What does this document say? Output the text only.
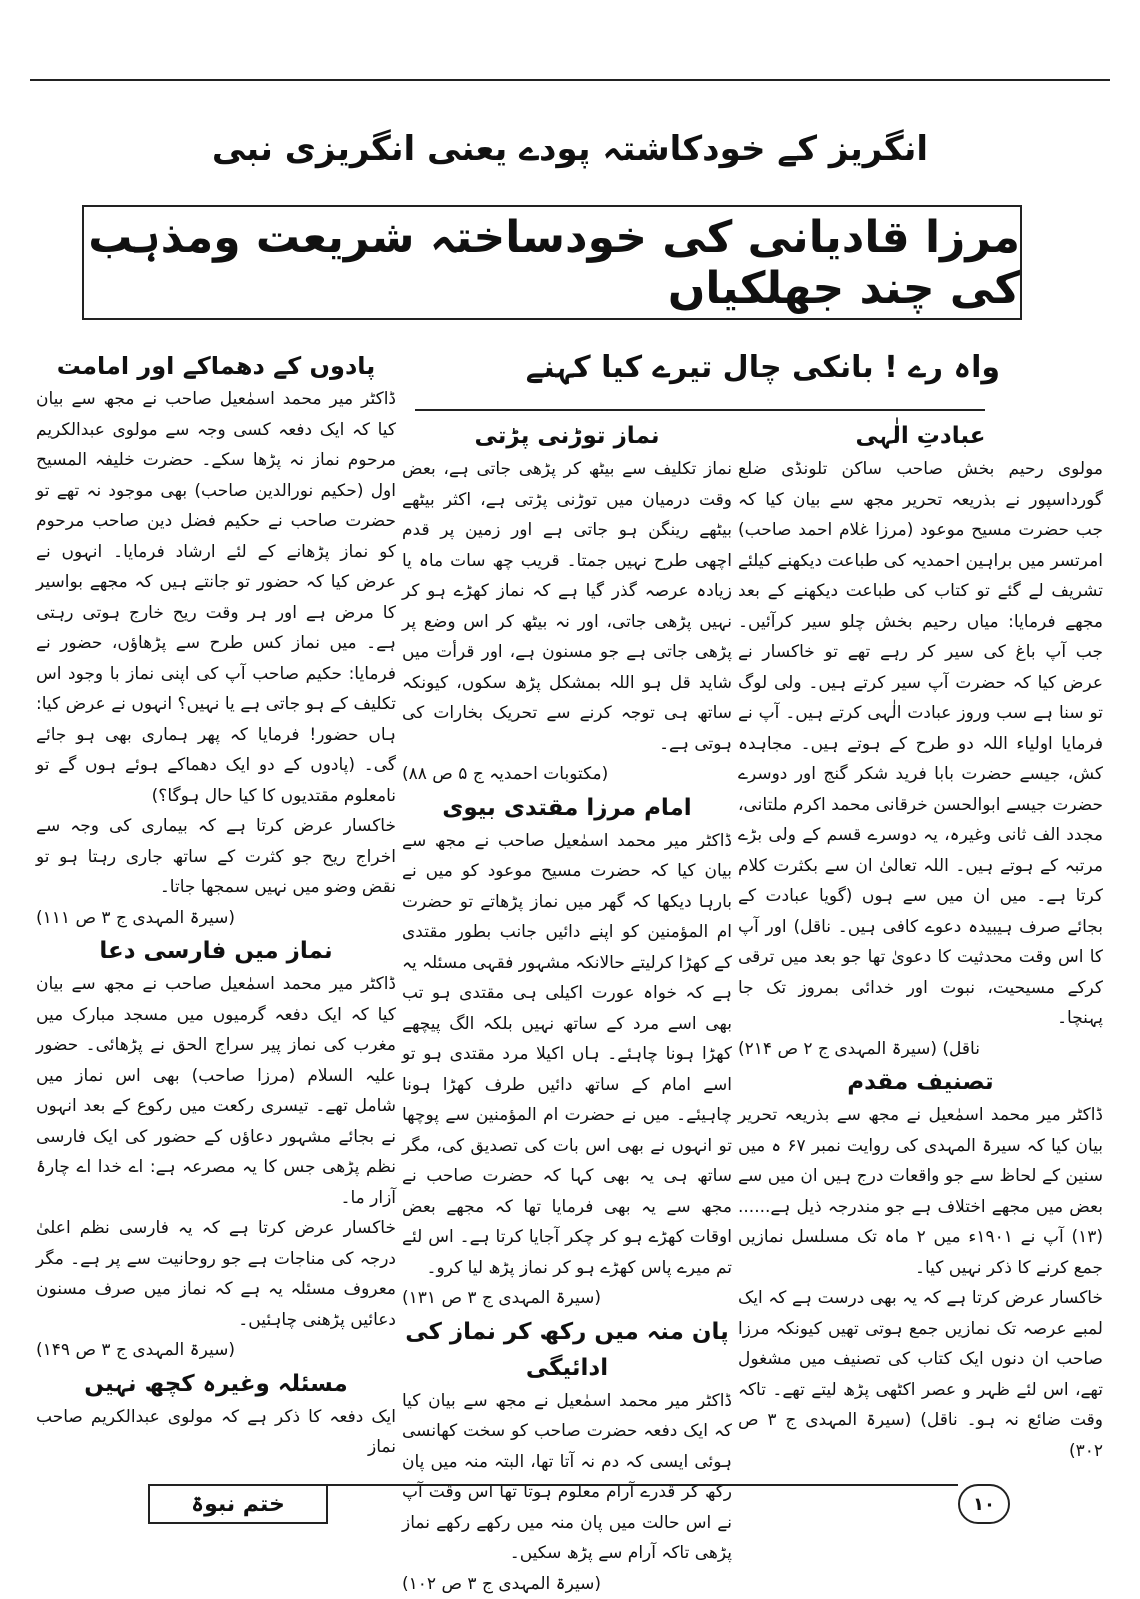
انگریز کے خودکاشتہ پودے یعنی انگریزی نبی
مرزا قادیانی کی خودساختہ شریعت ومذہب کی چند جھلکیاں
واہ رے ! بانکی چال تیرے کیا کہنے
عبادتِ الٰہی

مولوی رحیم بخش صاحب ساکن تلونڈی ضلع گورداسپور نے بذریعہ تحریر مجھ سے بیان کیا کہ جب حضرت مسیح موعود (مرزا غلام احمد صاحب) امرتسر میں براہین احمدیہ کی طباعت دیکھنے کیلئے تشریف لے گئے تو کتاب کی طباعت دیکھنے کے بعد مجھے فرمایا: میاں رحیم بخش چلو سیر کرآئیں۔ جب آپ باغ کی سیر کر رہے تھے تو خاکسار نے عرض کیا کہ حضرت آپ سیر کرتے ہیں۔ ولی لوگ تو سنا ہے سب وروز عبادت الٰہی کرتے ہیں۔ آپ نے فرمایا اولیاء اللہ دو طرح کے ہوتے ہیں۔ مجاہدہ کش، جیسے حضرت بابا فرید شکر گنج اور دوسرے حضرت جیسے ابوالحسن خرقانی محمد اکرم ملتانی، مجدد الف ثانی وغیرہ، یہ دوسرے قسم کے ولی بڑے مرتبہ کے ہوتے ہیں۔ اللہ تعالیٰ ان سے بکثرت کلام کرتا ہے۔ میں ان میں سے ہوں (گویا عبادت کے بجائے صرف ہیبیدہ دعوے کافی ہیں۔ ناقل) اور آپ کا اس وقت محدثیت کا دعویٰ تھا جو بعد میں ترقی کرکے مسیحیت، نبوت اور خدائی بمروز تک جا پہنچا۔

ناقل) (سیرۃ المہدی ج ۲ ص ۲۱۴)

تصنیف مقدم

ڈاکٹر میر محمد اسمٰعیل نے مجھ سے بذریعہ تحریر بیان کیا کہ سیرۃ المہدی کی روایت نمبر ۶۷ ہ میں سنین کے لحاظ سے جو واقعات درج ہیں ان میں سے بعض میں مجھے اختلاف ہے جو مندرجہ ذیل ہے...... (۱۳) آپ نے ۱۹۰۱ء میں ۲ ماہ تک مسلسل نمازیں جمع کرنے کا ذکر نہیں کیا۔

خاکسار عرض کرتا ہے کہ یہ بھی درست ہے کہ ایک لمبے عرصہ تک نمازیں جمع ہوتی تھیں کیونکہ مرزا صاحب ان دنوں ایک کتاب کی تصنیف میں مشغول تھے، اس لئے ظہر و عصر اکٹھی پڑھ لیتے تھے۔ تاکہ وقت ضائع نہ ہو۔ ناقل) (سیرۃ المہدی ج ۳ ص ۳۰۲)

نماز توڑنی پڑتی

نماز تکلیف سے بیٹھ کر پڑھی جاتی ہے، بعض وقت درمیان میں توڑنی پڑتی ہے، اکثر بیٹھے بیٹھے رینگن ہو جاتی ہے اور زمین پر قدم اچھی طرح نہیں جمتا۔ قریب چھ سات ماہ یا زیادہ عرصہ گذر گیا ہے کہ نماز کھڑے ہو کر نہیں پڑھی جاتی، اور نہ بیٹھ کر اس وضع پر پڑھی جاتی ہے جو مسنون ہے، اور قرأت میں شاید قل ہو اللہ بمشکل پڑھ سکوں، کیونکہ ساتھ ہی توجہ کرنے سے تحریک بخارات کی ہوتی ہے۔

(مکتوبات احمدیہ ج ۵ ص ۸۸)

امام مرزا مقتدی بیوی

ڈاکٹر میر محمد اسمٰعیل صاحب نے مجھ سے بیان کیا کہ حضرت مسیح موعود کو میں نے بارہا دیکھا کہ گھر میں نماز پڑھاتے تو حضرت ام المؤمنین کو اپنے دائیں جانب بطور مقتدی کے کھڑا کرلیتے حالانکہ مشہور فقہی مسئلہ یہ ہے کہ خواہ عورت اکیلی ہی مقتدی ہو تب بھی اسے مرد کے ساتھ نہیں بلکہ الگ پیچھے کھڑا ہونا چاہئے۔ ہاں اکیلا مرد مقتدی ہو تو اسے امام کے ساتھ دائیں طرف کھڑا ہونا چاہیئے۔ میں نے حضرت ام المؤمنین سے پوچھا تو انہوں نے بھی اس بات کی تصدیق کی، مگر ساتھ ہی یہ بھی کہا کہ حضرت صاحب نے مجھ سے یہ بھی فرمایا تھا کہ مجھے بعض اوقات کھڑے ہو کر چکر آجایا کرتا ہے۔ اس لئے تم میرے پاس کھڑے ہو کر نماز پڑھ لیا کرو۔

(سیرۃ المہدی ج ۳ ص ۱۳۱)

پان منہ میں رکھ کر نماز کی ادائیگی

ڈاکٹر میر محمد اسمٰعیل نے مجھ سے بیان کیا کہ ایک دفعہ حضرت صاحب کو سخت کھانسی ہوئی ایسی کہ دم نہ آتا تھا، البتہ منہ میں پان رکھ کر قدرے آرام معلوم ہوتا تھا اس وقت آپ نے اس حالت میں پان منہ میں رکھے رکھے نماز پڑھی تاکہ آرام سے پڑھ سکیں۔

(سیرۃ المہدی ج ۳ ص ۱۰۲)

پادوں کے دھماکے اور امامت

ڈاکٹر میر محمد اسمٰعیل صاحب نے مجھ سے بیان کیا کہ ایک دفعہ کسی وجہ سے مولوی عبدالکریم مرحوم نماز نہ پڑھا سکے۔ حضرت خلیفہ المسیح اول (حکیم نورالدین صاحب) بھی موجود نہ تھے تو حضرت صاحب نے حکیم فضل دین صاحب مرحوم کو نماز پڑھانے کے لئے ارشاد فرمایا۔ انہوں نے عرض کیا کہ حضور تو جانتے ہیں کہ مجھے بواسیر کا مرض ہے اور ہر وقت ریح خارج ہوتی رہتی ہے۔ میں نماز کس طرح سے پڑھاؤں، حضور نے فرمایا: حکیم صاحب آپ کی اپنی نماز با وجود اس تکلیف کے ہو جاتی ہے یا نہیں؟ انہوں نے عرض کیا: ہاں حضور! فرمایا کہ پھر ہماری بھی ہو جائے گی۔ (پادوں کے دو ایک دھماکے ہوئے ہوں گے تو نامعلوم مقتدیوں کا کیا حال ہوگا؟)

خاکسار عرض کرتا ہے کہ بیماری کی وجہ سے اخراج ریح جو کثرت کے ساتھ جاری رہتا ہو تو نقض وضو میں نہیں سمجھا جاتا۔

(سیرۃ المہدی ج ۳ ص ۱۱۱)

نماز میں فارسی دعا

ڈاکٹر میر محمد اسمٰعیل صاحب نے مجھ سے بیان کیا کہ ایک دفعہ گرمیوں میں مسجد مبارک میں مغرب کی نماز پیر سراج الحق نے پڑھائی۔ حضور علیہ السلام (مرزا صاحب) بھی اس نماز میں شامل تھے۔ تیسری رکعت میں رکوع کے بعد انہوں نے بجائے مشہور دعاؤں کے حضور کی ایک فارسی نظم پڑھی جس کا یہ مصرعہ ہے: اے خدا اے چارۂ آزار ما۔

خاکسار عرض کرتا ہے کہ یہ فارسی نظم اعلیٰ درجہ کی مناجات ہے جو روحانیت سے پر ہے۔ مگر معروف مسئلہ یہ ہے کہ نماز میں صرف مسنون دعائیں پڑھنی چاہئیں۔

(سیرۃ المہدی ج ۳ ص ۱۴۹)

مسئلہ وغیرہ کچھ نہیں

ایک دفعہ کا ذکر ہے کہ مولوی عبدالکریم صاحب نماز

ختم نبوۃ	۱۰
